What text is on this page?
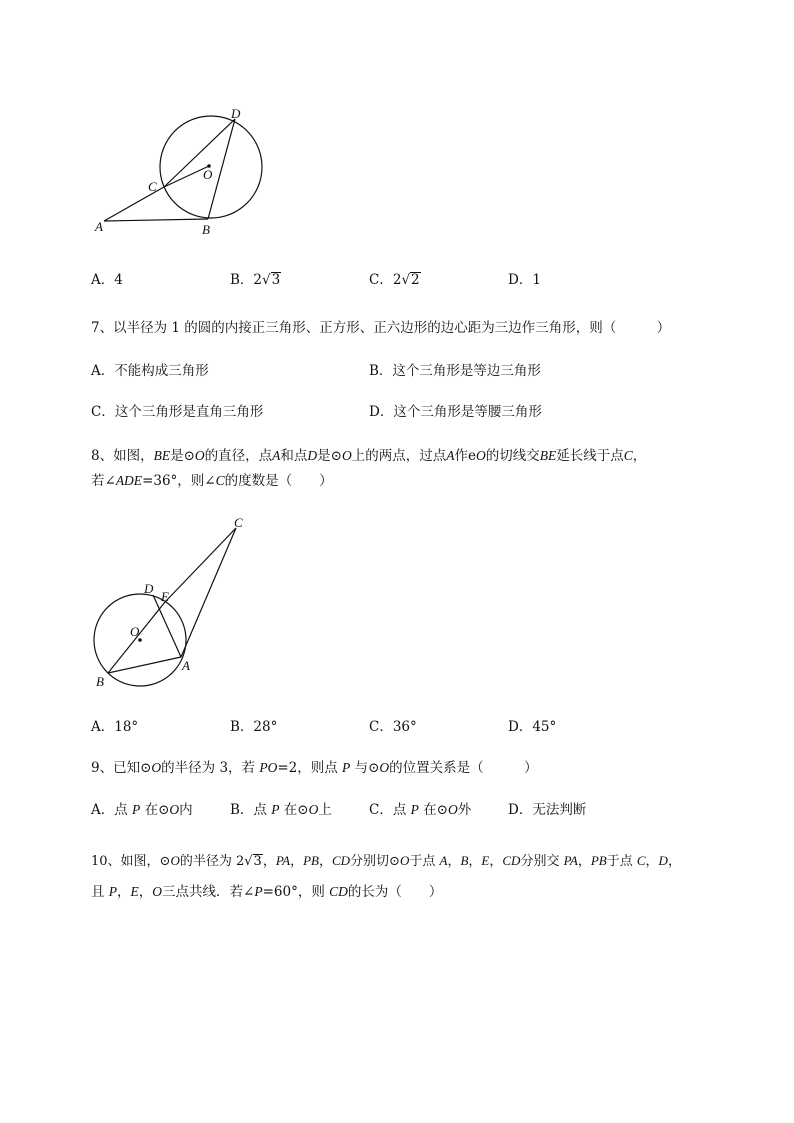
A	B
C
D
O
A．4	B．2√3	C．2√2	D．1
7、以半径为 1 的圆的内接正三角形、正方形、正六边形的边心距为三边作三角形，则（　　　）
A．不能构成三角形	B．这个三角形是等边三角形
C．这个三角形是直角三角形	D．这个三角形是等腰三角形
8、如图，BE是⊙O的直径，点A和点D是⊙O上的两点，过点A作eO的切线交BE延长线于点C，
若∠ADE=36°，则∠C的度数是（　　）
A
B
C
D
E
O
A．18°	B．28°	C．36°	D．45°
9、已知⊙O的半径为 3，若 PO=2，则点 P 与⊙O的位置关系是（　　　）
A．点 P 在⊙O内	B．点 P 在⊙O上	C．点 P 在⊙O外	D．无法判断
10、如图，⊙O的半径为 2√3，PA，PB，CD分别切⊙O于点 A，B，E，CD分别交 PA，PB于点 C，D，
且 P，E，O三点共线．若∠P=60°，则 CD的长为（　　）
